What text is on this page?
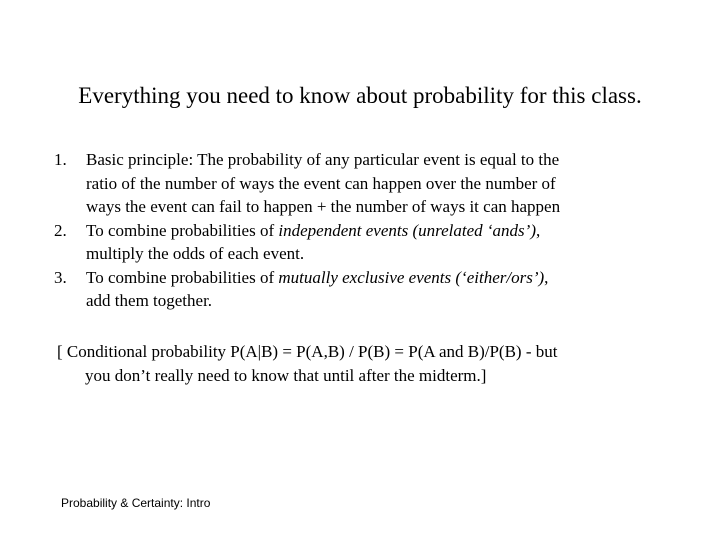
Everything you need to know about probability for this class.
1.	Basic principle: The probability of any particular event is equal to the
ratio of the number of ways the event can happen over the number of
ways the event can fail to happen + the number of ways it can happen
2.	To combine probabilities of independent events (unrelated ‘ands’),
multiply the odds of each event.
3.	To combine probabilities of mutually exclusive events (‘either/ors’),
add them together.
[ Conditional probability P(A|B) = P(A,B) / P(B) = P(A and B)/P(B) - but
you don’t really need to know that until after the midterm.]
Probability & Certainty: Intro
